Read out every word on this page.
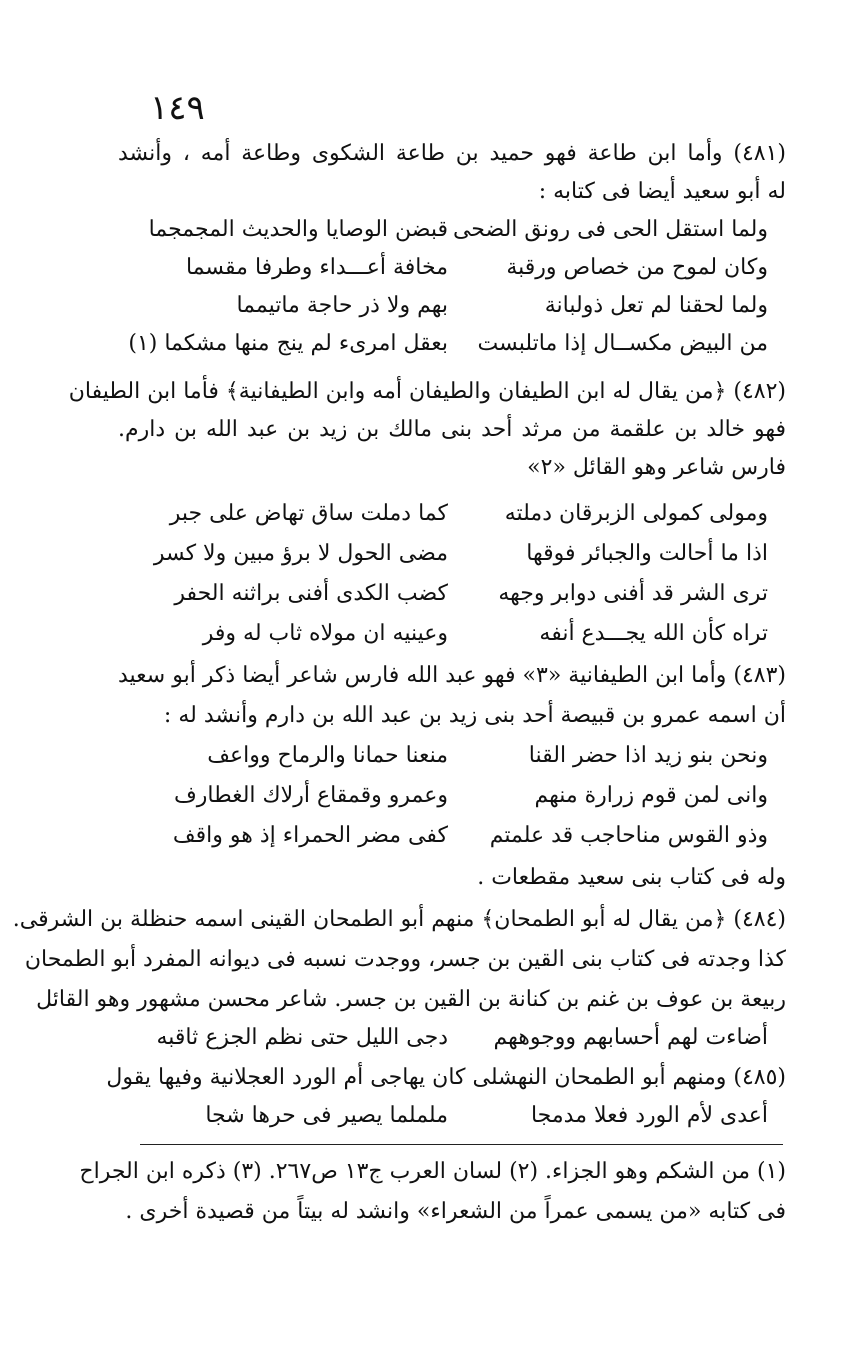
١٤٩
(٤٨١) وأما ابن طاعة فهو حميد بن طاعة الشكوى وطاعة أمه ، وأنشد
له أبو سعيد أيضا فى كتابه :
ولما استقل الحى فى رونق الضحى
قبضن الوصايا والحديث المجمجما
وكان لموح من خصاص ورقبة
مخافة أعـــداء وطرفا مقسما
ولما لحقنا لم تعل ذولبانة
بهم ولا ذر حاجة ماتيمما
من البيض مكســال إذا ماتلبست
بعقل امرىء لم ينج منها مشكما (١)
(٤٨٢) ﴿من يقال له ابن الطيفان والطيفان أمه وابن الطيفانية﴾ فأما ابن الطيفان
فهو خالد بن علقمة من مرثد أحد بنى مالك بن زيد بن عبد الله بن دارم.
فارس شاعر وهو القائل «٢»
ومولى كمولى الزبرقان دملته
كما دملت ساق تهاض على جبر
اذا ما أحالت والجبائر فوقها
مضى الحول لا برؤ مبين ولا كسر
ترى الشر قد أفنى دوابر وجهه
كضب الكدى أفنى براثنه الحفر
تراه كأن الله يجـــدع أنفه
وعينيه ان مولاه ثاب له وفر
(٤٨٣) وأما ابن الطيفانية «٣» فهو عبد الله فارس شاعر أيضا ذكر أبو سعيد
أن اسمه عمرو بن قبيصة أحد بنى زيد بن عبد الله بن دارم وأنشد له :
ونحن بنو زيد اذا حضر القنا
منعنا حمانا والرماح وواعف
وانى لمن قوم زرارة منهم
وعمرو وقمقاع أرلاك الغطارف
وذو القوس مناحاجب قد علمتم
كفى مضر الحمراء إذ هو واقف
وله فى كتاب بنى سعيد مقطعات .
(٤٨٤) ﴿من يقال له أبو الطمحان﴾ منهم أبو الطمحان القينى اسمه حنظلة بن الشرقى.
كذا وجدته فى كتاب بنى القين بن جسر، ووجدت نسبه فى ديوانه المفرد أبو الطمحان
ربيعة بن عوف بن غنم بن كنانة بن القين بن جسر. شاعر محسن مشهور وهو القائل
أضاءت لهم أحسابهم ووجوههم
دجى الليل حتى نظم الجزع ثاقبه
(٤٨٥) ومنهم أبو الطمحان النهشلى كان يهاجى أم الورد العجلانية وفيها يقول
أعدى لأم الورد فعلا مدمجا
ململما يصير فى حرها شجا
(١) من الشكم وهو الجزاء. (٢) لسان العرب ج١٣ ص٢٦٧. (٣) ذكره ابن الجراح
فى كتابه «من يسمى عمراً من الشعراء» وانشد له بيتاً من قصيدة أخرى .
